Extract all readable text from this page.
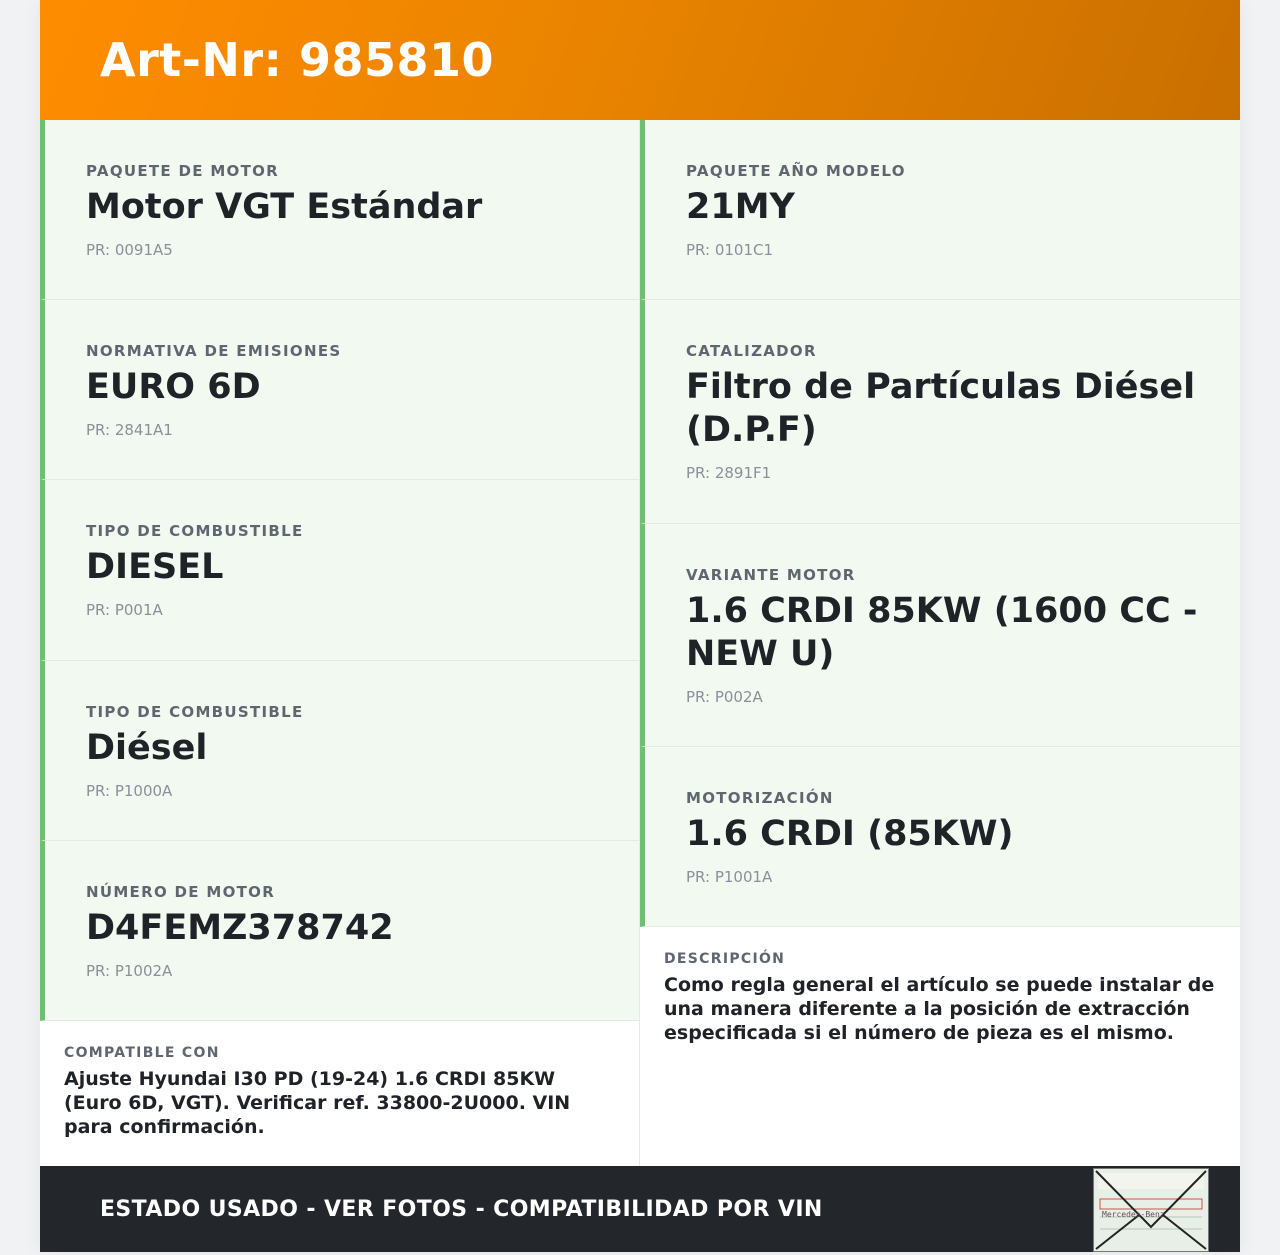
Art-Nr: 985810
PAQUETE DE MOTOR
Motor VGT Estándar
PR: 0091A5
NORMATIVA DE EMISIONES
EURO 6D
PR: 2841A1
TIPO DE COMBUSTIBLE
DIESEL
PR: P001A
TIPO DE COMBUSTIBLE
Diésel
PR: P1000A
NÚMERO DE MOTOR
D4FEMZ378742
PR: P1002A
COMPATIBLE CON
Ajuste Hyundai I30 PD (19-24) 1.6 CRDI 85KW (Euro 6D, VGT). Verificar ref. 33800-2U000. VIN para confirmación.
PAQUETE AÑO MODELO
21MY
PR: 0101C1
CATALIZADOR
Filtro de Partículas Diésel (D.P.F)
PR: 2891F1
VARIANTE MOTOR
1.6 CRDI 85KW (1600 CC - NEW U)
PR: P002A
MOTORIZACIÓN
1.6 CRDI (85KW)
PR: P1001A
DESCRIPCIÓN
Como regla general el artículo se puede instalar de una manera diferente a la posición de extracción especificada si el número de pieza es el mismo.
ESTADO USADO - VER FOTOS - COMPATIBILIDAD POR VIN	Mercedes-Benz
